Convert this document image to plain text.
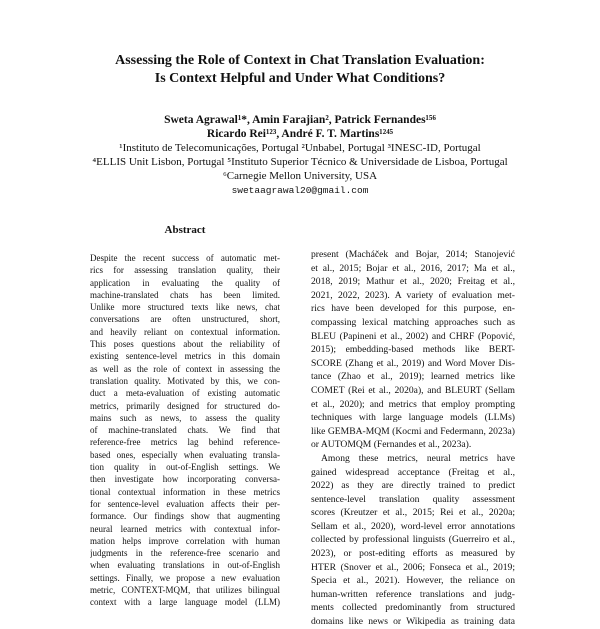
Assessing the Role of Context in Chat Translation Evaluation:
Is Context Helpful and Under What Conditions?
Sweta Agrawal¹*, Amin Farajian², Patrick Fernandes¹⁵⁶
Ricardo Rei¹²³, André F. T. Martins¹²⁴⁵
¹Instituto de Telecomunicações, Portugal ²Unbabel, Portugal ³INESC-ID, Portugal
⁴ELLIS Unit Lisbon, Portugal ⁵Instituto Superior Técnico & Universidade de Lisboa, Portugal
⁶Carnegie Mellon University, USA
swetaagrawal20@gmail.com
Abstract
Despite the recent success of automatic met-
rics for assessing translation quality, their
application in evaluating the quality of
machine-translated chats has been limited.
Unlike more structured texts like news, chat
conversations are often unstructured, short,
and heavily reliant on contextual information.
This poses questions about the reliability of
existing sentence-level metrics in this domain
as well as the role of context in assessing the
translation quality. Motivated by this, we con-
duct a meta-evaluation of existing automatic
metrics, primarily designed for structured do-
mains such as news, to assess the quality
of machine-translated chats. We find that
reference-free metrics lag behind reference-
based ones, especially when evaluating transla-
tion quality in out-of-English settings. We
then investigate how incorporating conversa-
tional contextual information in these metrics
for sentence-level evaluation affects their per-
formance. Our findings show that augmenting
neural learned metrics with contextual infor-
mation helps improve correlation with human
judgments in the reference-free scenario and
when evaluating translations in out-of-English
settings. Finally, we propose a new evaluation
metric, CONTEXT-MQM, that utilizes bilingual
context with a large language model (LLM)
present (Macháček and Bojar, 2014; Stanojević
et al., 2015; Bojar et al., 2016, 2017; Ma et al.,
2018, 2019; Mathur et al., 2020; Freitag et al.,
2021, 2022, 2023). A variety of evaluation met-
rics have been developed for this purpose, en-
compassing lexical matching approaches such as
BLEU (Papineni et al., 2002) and CHRF (Popović,
2015); embedding-based methods like BERT-
SCORE (Zhang et al., 2019) and Word Mover Dis-
tance (Zhao et al., 2019); learned metrics like
COMET (Rei et al., 2020a), and BLEURT (Sellam
et al., 2020); and metrics that employ prompting
techniques with large language models (LLMs)
like GEMBA-MQM (Kocmi and Federmann, 2023a)
or AUTOMQM (Fernandes et al., 2023a).
Among these metrics, neural metrics have
gained widespread acceptance (Freitag et al.,
2022) as they are directly trained to predict
sentence-level translation quality assessment
scores (Kreutzer et al., 2015; Rei et al., 2020a;
Sellam et al., 2020), word-level error annotations
collected by professional linguists (Guerreiro et al.,
2023), or post-editing efforts as measured by
HTER (Snover et al., 2006; Fonseca et al., 2019;
Specia et al., 2021). However, the reliance on
human-written reference translations and judg-
ments collected predominantly from structured
domains like news or Wikipedia as training data
